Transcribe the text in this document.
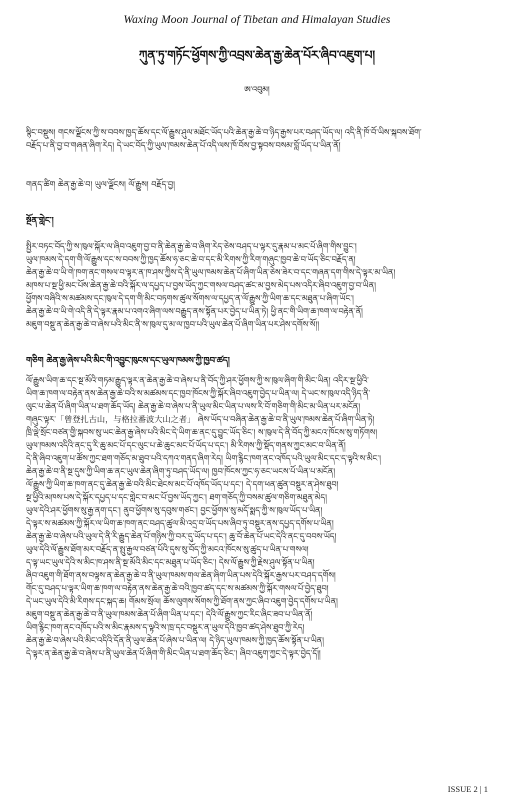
Waxing Moon Journal of Tibetan and Himalayan Studies
ཀུན་ཏུ་གཏོང་ཕྱོགས་ཀྱི་འབྲས་ཆེན་རྒྱ་ཆེན་པོར་ཞིབ་འཇུག་པ།
ཨ་འབུམ།
སྙིང་བསྡུས། གངས་ལྗོངས་ཀྱི་ས་བབས་ཁྱད་ཆོས་དང་ལོ་རྒྱུས་ཤུལ་མཐོང་ཡོད་པའི་ཆེན་རྒྱ་ཆེ་བ་ཉིད་རྒྱས་པར་བཤད་ཡོད་ལ། འདི་ནི་ཁོ་བོ་ཡིས་སྐབས་ཐོག་
བརྗོད་པ་ནི་བྱ་བ་གཞན་ཞིག་རེད། དེ་ཡང་བོད་ཀྱི་ཡུལ་ཁམས་ཆེན་པོ་འདི་ལས་ཁོ་བོས་བྱ་སྟབས་བསམ་བློ་ཡོད་པ་ཡིན་ནོ།
གནད་ཚིག ཆེན་རྒྱ་ཆེ་བ། ཡུལ་ལྗོངས། ལོ་རྒྱུས། བརྗོད་བྱ།
སྔོན་གླེང་།
སྤྱིར་བཏང་བོད་ཀྱི་ས་ཁུལ་སྐོར་ལ་ཞིབ་འཇུག་བྱ་བ་ནི་ཆེན་རྒྱ་ཆེ་བ་ཞིག་རེད་ཅེས་བཤད་པ་ལྟར་དུ་རྣམ་པ་མང་པོ་ཞིག་གིས་བྱུང་།
ཡུལ་ཁམས་དེ་དག་གི་ལོ་རྒྱུས་དང་ས་བབས་ཀྱི་ཁྱད་ཆོས་ཧ་ཅང་ཆེ་བ་དང་མི་རིགས་ཀྱི་རིག་གཞུང་ཁྱབ་ཆེ་བ་ཡོད་ཅིང་བརྗོད་ན།
ཆེན་རྒྱ་ཆེ་བ་ཡི་གེ་ཁག་ནང་གསལ་བ་ལྟར་ན་ཁ་ཤས་ཀྱིས་དེ་ནི་ཡུལ་ཁམས་ཆེན་པོ་ཞིག་ཡིན་ཅེས་ཟེར་བ་དང་གཞན་དག་གིས་དེ་ལྟར་མ་ཡིན།
མཁས་པ་སྔ་ཕྱི་མང་པོས་ཆེན་རྒྱ་ཆེ་བའི་སྐོར་ལ་དཔྱད་པ་བྱས་ཡོད་ཀྱང་གསལ་བཤད་ཚང་མ་བྱས་མེད་པས་འདིར་ཞིབ་འཇུག་བྱ་བ་ཡིན།
ཕྱོགས་བཞིའི་ས་མཚམས་དང་ཁུལ་དེ་དག་གི་མིང་བཏགས་ཚུལ་སོགས་ལ་དཔྱད་ན་ལོ་རྒྱུས་ཀྱི་ཡིག་ཆ་དང་མཐུན་པ་ཞིག་ཡོང་།
ཆེན་རྒྱ་ཆེ་བ་ཡི་གེ་འདི་ནི་དེ་ལྟར་རྣམ་པ་འགའ་ཞིག་ལས་བརྒྱུད་ནས་སྟོན་པར་བྱེད་པ་ཡིན་ཏེ། ཕྱི་ནང་གི་ཡིག་ཆ་ཁག་ལ་བརྟེན་ནོ།
མཇུག་བསྡུ་ན་ཆེན་རྒྱ་ཆེ་བ་ཞེས་པའི་མིང་ནི་ས་ཁུལ་དུ་མ་ལ་ཁྱབ་པའི་ཡུལ་ཆེན་པོ་ཞིག་ཡིན་པར་ཤེས་དགོས་སོ།།
གཅིག ཆེན་རྒྱ་ཞེས་པའི་མིང་གི་འབྱུང་ཁུངས་དང་ཡུལ་ཁམས་ཀྱི་ཁྱབ་ཚད།
ལོ་རྒྱུས་ཡིག་ཆ་དང་སྔ་མོའི་གཏམ་རྒྱུད་ལྟར་ན་ཆེན་རྒྱ་ཆེ་བ་ཞེས་པ་ནི་བོད་ཀྱི་ཤར་ཕྱོགས་ཀྱི་ས་ཁུལ་ཞིག་གི་མིང་ཡིན། འདིར་སྔ་ཕྱིའི་
ཡིག་ཆ་ཁག་ལ་བརྟེན་ནས་ཆེན་རྒྱ་ཆེ་བའི་ས་མཚམས་དང་ཁྱབ་ཁོངས་ཀྱི་སྐོར་ཞིབ་འཇུག་བྱེད་པ་ཡིན་ལ། དེ་ཡང་ས་ཁུལ་འདི་ཉིད་ནི་
ལུང་པ་ཆེན་པོ་ཞིག་ཡིན་པ་ཐག་ཆོད་ཡོད། ཆེན་རྒྱ་ཆེ་བ་ཞེས་པ་ནི་ཡུལ་མིང་ཡིན་པ་ལས་རི་བོ་གཅིག་གི་མིང་མ་ཡིན་པར་མངོན།
གཞུང་ལྟར་「曾登扎古山，与格拉番波大山之者」 ཞེས་ཡོད་པ་བཞིན་ཆེན་རྒྱ་ཆེ་བ་ནི་ཡུལ་ཁམས་ཆེན་པོ་ཞིག་ཡིན་ཏེ།
ཁྲི་ལྡེ་སྲོང་བཙན་གྱི་སྐབས་སུ་ཡང་ཆེན་རྒྱ་ཞེས་པའི་མིང་དེ་ཡིག་ཆ་ནང་དུ་བྱུང་ཡོད་ཅིང་། ས་ཁུལ་དེ་ནི་བོད་ཀྱི་མངའ་ཁོངས་སུ་གཏོགས།
ཡུལ་ཁམས་འདིའི་ནང་དུ་རི་ཆུ་མང་པོ་དང་ལུང་པ་ཆེ་ཆུང་མང་པོ་ཡོད་པ་དང་། མི་རིགས་ཀྱི་སྡོད་གནས་ཀྱང་མང་བ་ཡིན་ནོ།
དེ་ནི་ཞིབ་འཇུག་པ་ཚོས་ཀྱང་ཐག་གཅོད་མ་ཐུབ་པའི་དཀའ་གནད་ཞིག་རེད། ཡིག་རྙིང་ཁག་ནང་འཁོད་པའི་ཡུལ་མིང་དང་ད་ལྟའི་ས་མིང་།
ཆེན་རྒྱ་ཆེ་བ་ནི་སྔ་དུས་ཀྱི་ཡིག་ཆ་ནང་ཡུལ་ཆེན་ཞིག་ཏུ་བཤད་ཡོད་ལ། ཁྱབ་ཁོངས་ཀྱང་ཧ་ཅང་ཡངས་པོ་ཡིན་པ་མངོན།
ལོ་རྒྱུས་ཀྱི་ཡིག་ཆ་ཁག་ནང་དུ་ཆེན་རྒྱ་ཆེ་བའི་མིང་ཐེངས་མང་པོ་འཁོད་ཡོད་པ་དང་། དེ་དག་ཕན་ཚུན་བསྡུར་ན་ཤེས་ཐུབ།
སྔ་ཕྱིའི་མཁས་པས་དེ་སྐོར་དཔྱད་པ་དང་གླེང་བ་མང་པོ་བྱས་ཡོད་ཀྱང་། ཐག་གཅོད་ཀྱི་བསམ་ཚུལ་གཅིག་མཐུན་མེད།
ཡུལ་དེའི་ཤར་ཕྱོགས་སུ་རྒྱ་ནག་དང་། ནུབ་ཕྱོགས་སུ་དབུས་གཙང་། བྱང་ཕྱོགས་སུ་མདོ་སྨད་ཀྱི་ས་ཁུལ་ཡོད་པ་ཡིན།
དེ་ལྟར་ས་མཚམས་ཀྱི་སྐོར་ལ་ཡིག་ཆ་ཁག་ནང་བཤད་ཚུལ་མི་འདྲ་བ་ཡོད་པས་ཞིབ་ཏུ་བསྡུར་ནས་དཔྱད་དགོས་པ་ཡིན།
ཆེན་རྒྱ་ཆེ་བ་ཞེས་པའི་ཡུལ་དེ་ནི་རི་རྒྱུད་ཆེན་པོ་གཉིས་ཀྱི་བར་དུ་ཡོད་པ་དང་། ཆུ་བོ་ཆེན་པོ་ཡང་དེའི་ནང་དུ་བབས་ཡོད།
ཡུལ་དེའི་ལོ་རྒྱུས་ཐོག་མར་བརྗོད་ན་སྤུ་རྒྱལ་བཙན་པོའི་དུས་སུ་བོད་ཀྱི་མངའ་ཁོངས་སུ་ཚུད་པ་ཡིན་པ་གསལ།
ད་ལྟ་ཡང་ཡུལ་དེའི་ས་མིང་ཁ་ཤས་ནི་སྔ་མོའི་མིང་དང་མཐུན་པ་ཡོད་ཅིང་། དེས་ལོ་རྒྱུས་ཀྱི་རྗེས་ཤུལ་སྟོན་པ་ཡིན།
ཞིབ་འཇུག་གི་ཐོག་ནས་བལྟས་ན་ཆེན་རྒྱ་ཆེ་བ་ནི་ཡུལ་ཁམས་གལ་ཆེན་ཞིག་ཡིན་པས་དེའི་སྐོར་རྒྱས་པར་བཤད་དགོས།
གོང་དུ་བཤད་པ་ལྟར་ཡིག་ཆ་ཁག་ལ་བརྟེན་ནས་ཆེན་རྒྱ་ཆེ་བའི་ཁྱབ་ཚད་དང་ས་མཚམས་ཀྱི་སྐོར་གསལ་པོ་བྱེད་ཐུབ།
དེ་ཡང་ཡུལ་དེའི་མི་རིགས་དང་སྐད་ཆ། གོམས་སྲོལ། ཆོས་ལུགས་སོགས་ཀྱི་ཐོག་ནས་ཀྱང་ཞིབ་འཇུག་བྱེད་དགོས་པ་ཡིན།
མཇུག་བསྡུ་ན་ཆེན་རྒྱ་ཆེ་བ་ནི་ཡུལ་ཁམས་ཆེན་པོ་ཞིག་ཡིན་པ་དང་། དེའི་ལོ་རྒྱུས་ཀྱང་རིང་ཞིང་ཟབ་པ་ཡིན་ནོ།
ཡིག་རྙིང་ཁག་ནང་འཁོད་པའི་ས་མིང་རྣམས་ད་ལྟའི་ས་ཁྲ་དང་བསྡུར་ན་ཡུལ་དེའི་ཁྱབ་ཚད་ཤེས་ཐུབ་ཀྱི་རེད།
ཆེན་རྒྱ་ཆེ་བ་ཞེས་པའི་མིང་འདིའི་དོན་ནི་ཡུལ་ཆེན་པོ་ཞེས་པ་ཡིན་ལ། དེ་ཉིད་ཡུལ་ཁམས་ཀྱི་ཁྱད་ཆོས་སྟོན་པ་ཡིན།
དེ་ལྟར་ན་ཆེན་རྒྱ་ཆེ་བ་ཞེས་པ་ནི་ཡུལ་ཆེན་པོ་ཞིག་གི་མིང་ཡིན་པ་ཐག་ཆོད་ཅིང་། ཞིབ་འཇུག་ཀྱང་དེ་ལྟར་བྱེད་དོ།།
ISSUE 2 | 1
